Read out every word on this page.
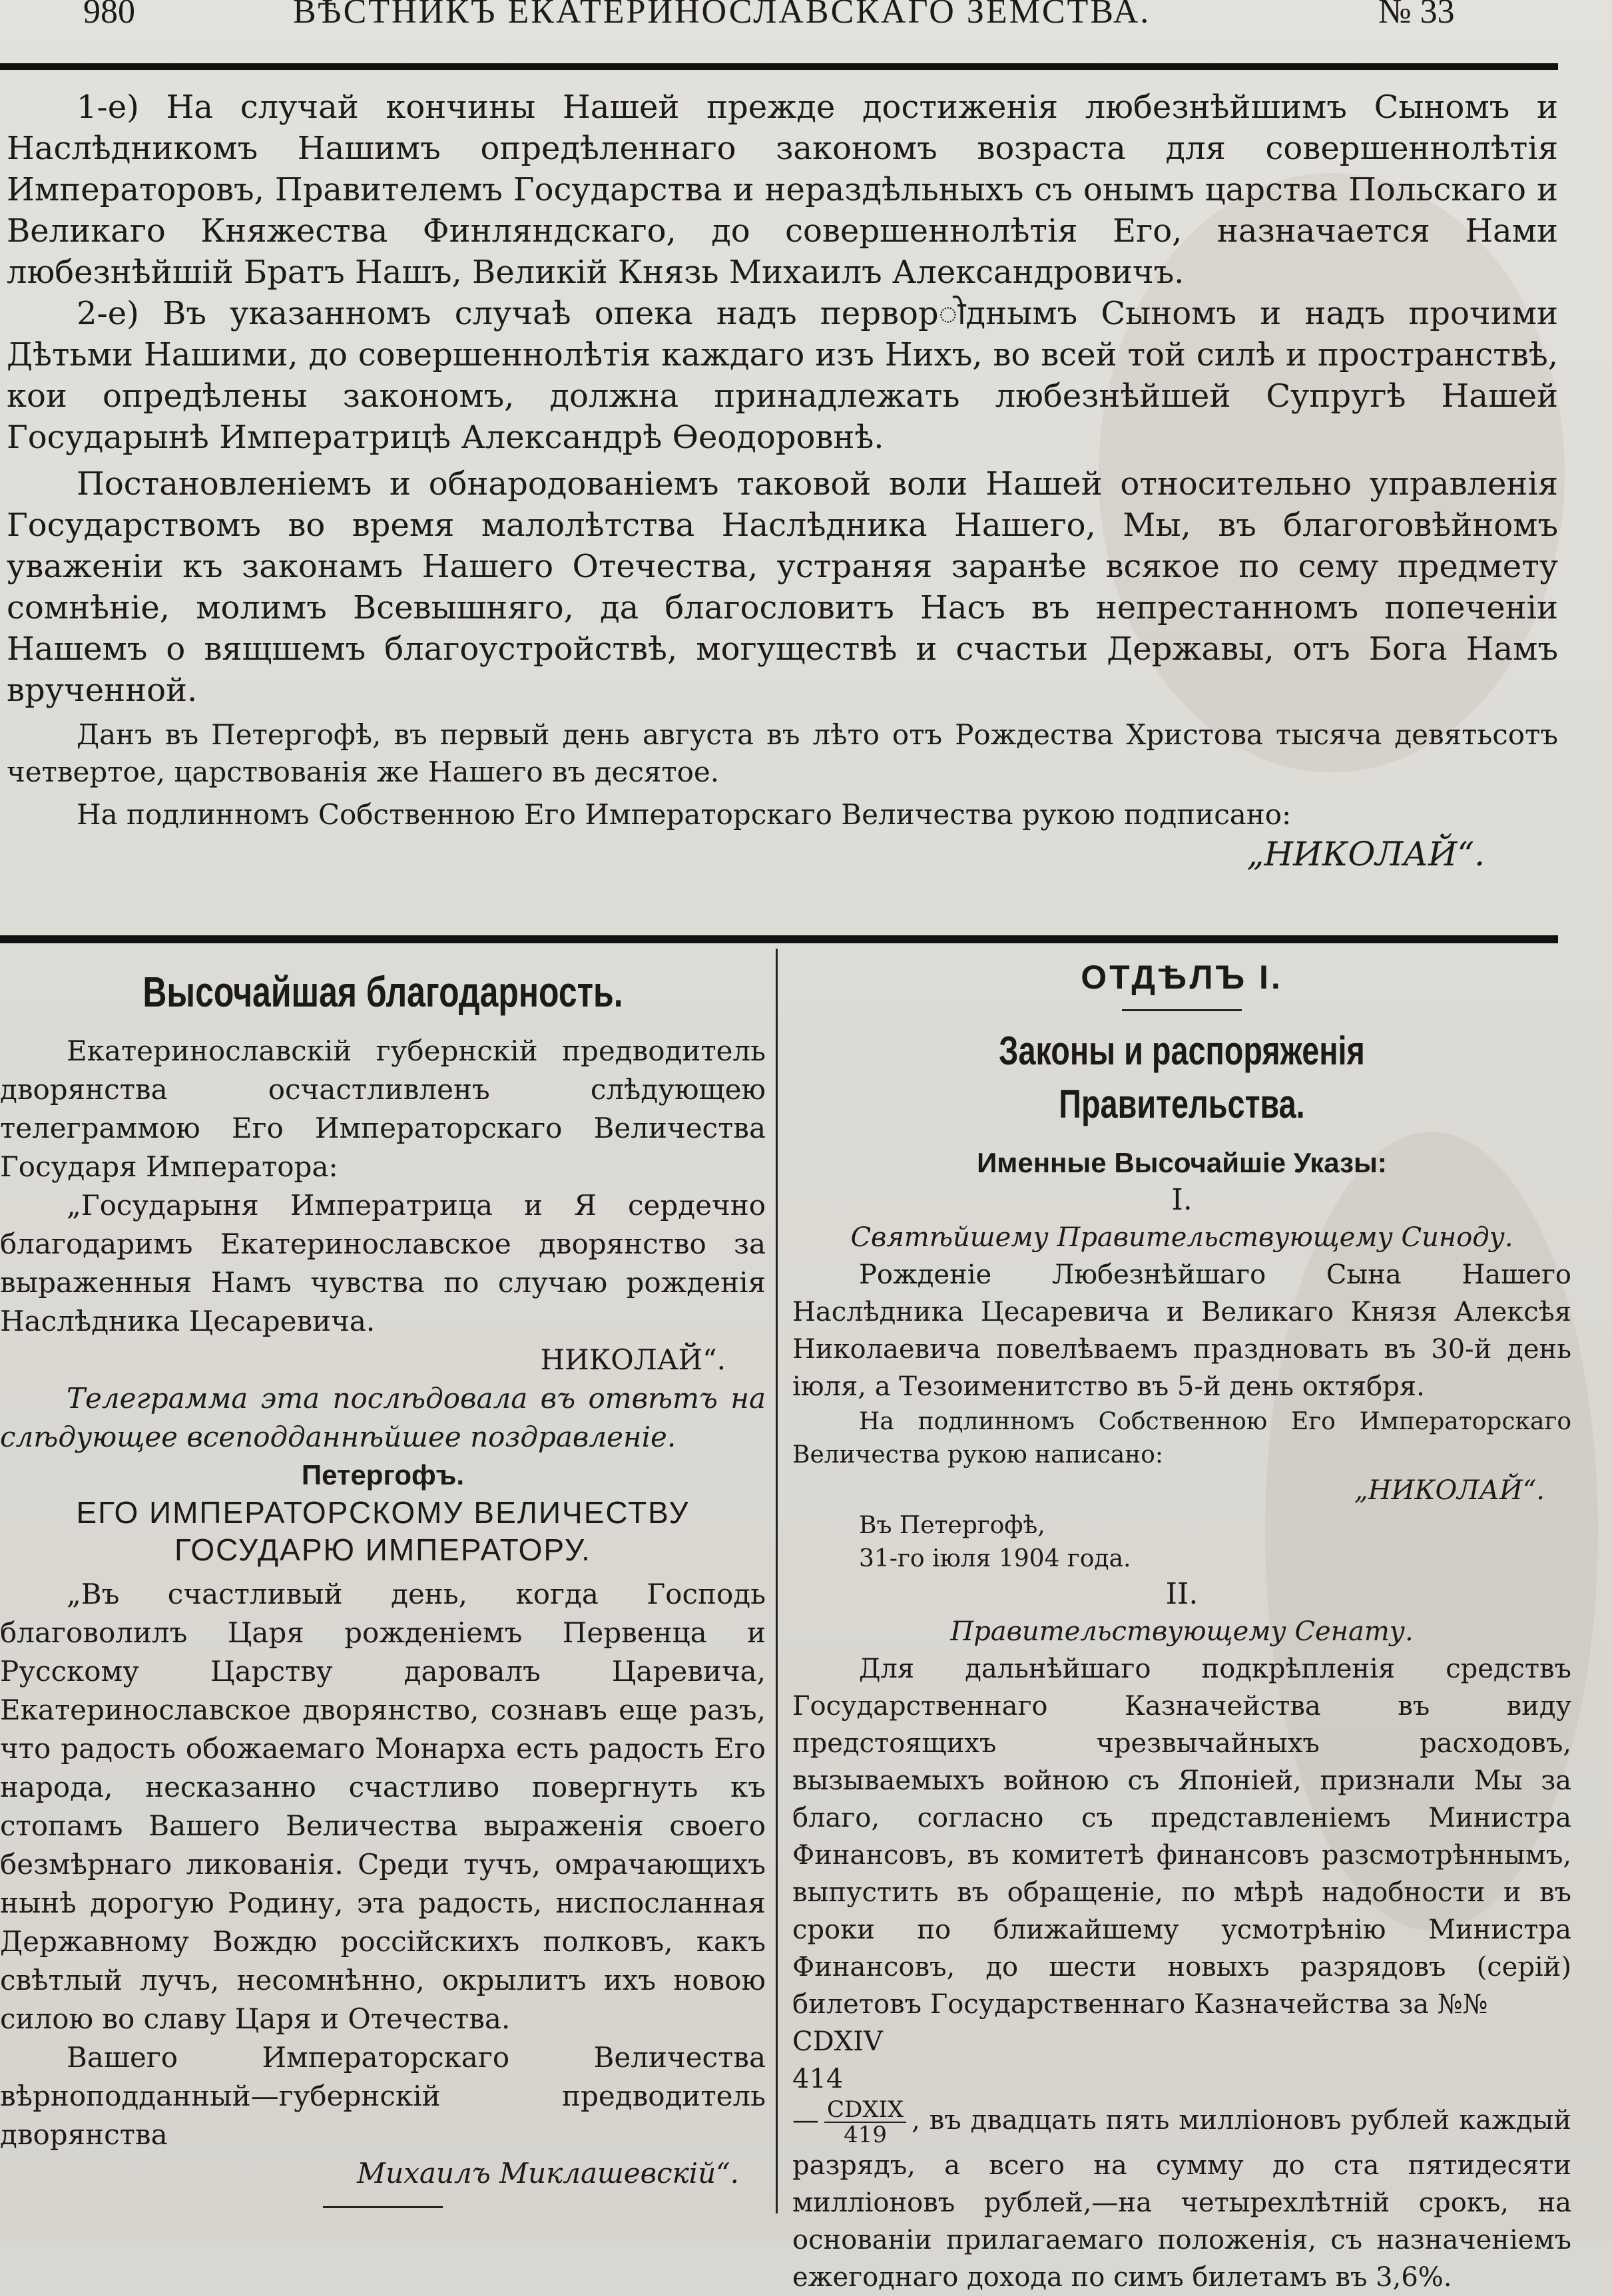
980	ВѢСТНИКЪ ЕКАТЕРИНОСЛАВСКАГО ЗЕМСТВА.	№ 33

1-е) На случай кончины Нашей прежде достиженія любезнѣйшимъ Сыномъ и Наслѣдникомъ Нашимъ опредѣленнаго закономъ возраста для совершеннолѣтія Императоровъ, Правителемъ Государства и нераздѣльныхъ съ онымъ царства Польскаго и Великаго Княжества Финляндскаго, до совершеннолѣтія Его, назначается Нами любезнѣйшій Братъ Нашъ, Великій Князь Михаилъ Александровичъ.

2-е) Въ указанномъ случаѣ опека надъ перворोднымъ Сыномъ и надъ прочими Дѣтьми Нашими, до совершеннолѣтія каждаго изъ Нихъ, во всей той силѣ и пространствѣ, кои опредѣлены закономъ, должна принадлежать любезнѣйшей Супругѣ Нашей Государынѣ Императрицѣ Александрѣ Ѳеодоровнѣ.

Постановленіемъ и обнародованіемъ таковой воли Нашей относительно управленія Государствомъ во время малолѣтства Наслѣдника Нашего, Мы, въ благоговѣйномъ уваженіи къ законамъ Нашего Отечества, устраняя заранѣе всякое по сему предмету сомнѣніе, молимъ Всевышняго, да благословитъ Насъ въ непрестанномъ попеченіи Нашемъ о вящшемъ благоустройствѣ, могуществѣ и счастьи Державы, отъ Бога Намъ врученной.

Данъ въ Петергофѣ, въ первый день августа въ лѣто отъ Рождества Христова тысяча девятьсотъ четвертое, царствованія же Нашего въ десятое.

На подлинномъ Собственною Его Императорскаго Величества рукою подписано:

„НИКОЛАЙ“.

Высочайшая благодарность.

Екатеринославскій губернскій предводитель дворянства осчастливленъ слѣдующею телеграммою Его Императорскаго Величества Государя Императора:

„Государыня Императрица и Я сердечно благодаримъ Екатеринославское дворянство за выраженныя Намъ чувства по случаю рожденія Наслѣдника Цесаревича.

НИКОЛАЙ“.

Телеграмма эта послѣдовала въ отвѣтъ на слѣдующее всеподданнѣйшее поздравленіе.

Петергофъ.

ЕГО ИМПЕРАТОРСКОМУ ВЕЛИЧЕСТВУ

ГОСУДАРЮ ИМПЕРАТОРУ.

„Въ счастливый день, когда Господь благоволилъ Царя рожденіемъ Первенца и Русскому Царству даровалъ Царевича, Екатеринославское дворянство, сознавъ еще разъ, что радость обожаемаго Монарха есть радость Его народа, несказанно счастливо повергнуть къ стопамъ Вашего Величества выраженія своего безмѣрнаго ликованія. Среди тучъ, омрачающихъ нынѣ дорогую Родину, эта радость, ниспосланная Державному Вождю россійскихъ полковъ, какъ свѣтлый лучъ, несомнѣнно, окрылитъ ихъ новою силою во славу Царя и Отечества.

Вашего Императорскаго Величества вѣрноподданный—губернскій предводитель дворянства

Михаилъ Миклашевскій“.

ОТДѢЛЪ I.

Законы и распоряженія Правительства.

Именные Высочайшіе Указы:

I.

Святѣйшему Правительствующему Синоду.

Рожденіе Любезнѣйшаго Сына Нашего Наслѣдника Цесаревича и Великаго Князя Алексѣя Николаевича повелѣваемъ праздновать въ 30-й день іюля, а Тезоименитство въ 5-й день октября.

На подлинномъ Собственною Его Императорскаго Величества рукою написано:

„НИКОЛАЙ“.

Въ Петергофѣ,

31-го іюля 1904 года.

II.

Правительствующему Сенату.

Для дальнѣйшаго подкрѣпленія средствъ Государственнаго Казначейства въ виду предстоящихъ чрезвычайныхъ расходовъ, вызываемыхъ войною съ Японіей, признали Мы за благо, согласно съ представленіемъ Министра Финансовъ, въ комитетѣ финансовъ разсмотрѣннымъ, выпустить въ обращеніе, по мѣрѣ надобности и въ сроки по ближайшему усмотрѣнію Министра Финансовъ, до шести новыхъ разрядовъ (серій) билетовъ Государственнаго Казначейства за №№

CDXIV
414
— $\frac{\text{CDXIX}}{419}$ , въ двадцать пять милліоновъ рублей каждый разрядъ, а всего на сумму до ста пятидесяти милліоновъ рублей,—на четырехлѣтній срокъ, на основаніи прилагаемаго положенія, съ назначеніемъ ежегоднаго дохода по симъ билетамъ въ 3,6%.
